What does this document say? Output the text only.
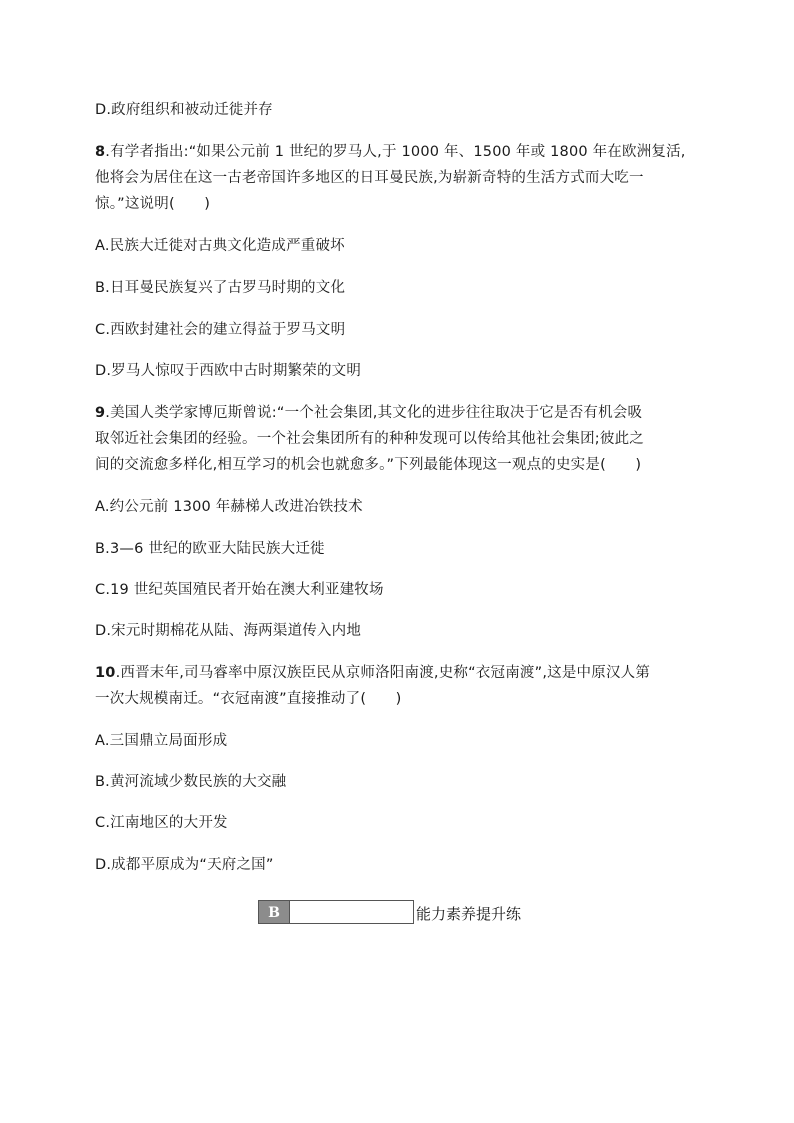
D.政府组织和被动迁徙并存
8.有学者指出:“如果公元前 1 世纪的罗马人,于 1000 年、1500 年或 1800 年在欧洲复活,
他将会为居住在这一古老帝国许多地区的日耳曼民族,为崭新奇特的生活方式而大吃一
惊。”这说明(　　)
A.民族大迁徙对古典文化造成严重破坏
B.日耳曼民族复兴了古罗马时期的文化
C.西欧封建社会的建立得益于罗马文明
D.罗马人惊叹于西欧中古时期繁荣的文明
9.美国人类学家博厄斯曾说:“一个社会集团,其文化的进步往往取决于它是否有机会吸
取邻近社会集团的经验。一个社会集团所有的种种发现可以传给其他社会集团;彼此之
间的交流愈多样化,相互学习的机会也就愈多。”下列最能体现这一观点的史实是(　　)
A.约公元前 1300 年赫梯人改进冶铁技术
B.3—6 世纪的欧亚大陆民族大迁徙
C.19 世纪英国殖民者开始在澳大利亚建牧场
D.宋元时期棉花从陆、海两渠道传入内地
10.西晋末年,司马睿率中原汉族臣民从京师洛阳南渡,史称“衣冠南渡”,这是中原汉人第
一次大规模南迁。“衣冠南渡”直接推动了(　　)
A.三国鼎立局面形成
B.黄河流域少数民族的大交融
C.江南地区的大开发
D.成都平原成为“天府之国”
B 级
能力素养提升练
